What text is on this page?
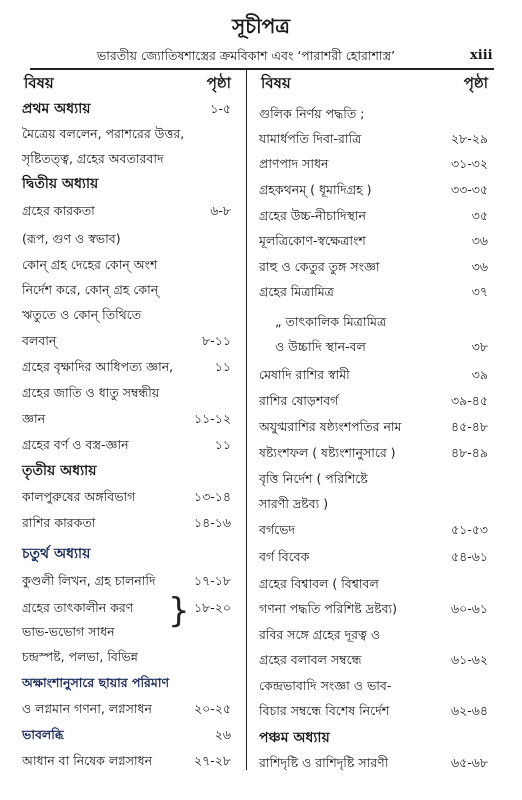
সূচীপত্র
ভারতীয় জ্যোতিষশাস্ত্রের ক্রমবিকাশ এবং ‘পারাশরী হোরাশাস্ত্র’	xiii
বিষয়	পৃষ্ঠা
প্রথম অধ্যায়	১-৫
মৈত্রেয় বললেন, পরাশরের উত্তর,
সৃষ্টিতত্ত্ব, গ্রহের অবতারবাদ
দ্বিতীয় অধ্যায়
গ্রহের কারকতা	৬-৮
(রূপ, গুণ ও স্বভাব)
কোন্ গ্রহ দেহের কোন্ অংশ
নির্দেশ করে, কোন্ গ্রহ কোন্
ঋতুতে ও কোন্ তিথিতে
বলবান্	৮-১১
গ্রহের বৃক্ষাদির আধিপত্য জ্ঞান,	১১
গ্রহের জাতি ও ধাতু সম্বন্ধীয়
জ্ঞান	১১-১২
গ্রহের বর্ণ ও বস্ত্র-জ্ঞান	১১
তৃতীয় অধ্যায়
কালপুরুষের অঙ্গবিভাগ	১৩-১৪
রাশির কারকতা	১৪-১৬
চতুর্থ অধ্যায়
কুণ্ডলী লিখন, গ্রহ চালনাদি	১৭-১৮
গ্রহের তাৎকালীন করণ	১৮-২০
ভাভ-ভভোগ সাধন
চন্দ্রস্পষ্ট, পলভা, বিভিন্ন
অক্ষাংশানুসারে ছায়ার পরিমাণ
ও লগ্নমান গণনা, লগ্নসাধন	২০-২৫
ভাবলব্ধি	২৬
আধান বা নিষেক লগ্নসাধন	২৭-২৮
}
বিষয়	পৃষ্ঠা
গুলিক নির্ণয় পদ্ধতি ;
যামার্ধপতি দিবা-রাত্রি	২৮-২৯
প্রাণপাদ সাধন	৩১-৩২
গ্রহকথনম্ ( ধূমাদিগ্রহ )	৩৩-৩৫
গ্রহের উচ্চ-নীচাদিস্থান	৩৫
মূলত্রিকোণ-স্বক্ষেত্রাংশ	৩৬
রাহু ও কেতুর তুঙ্গ সংজ্ঞা	৩৬
গ্রহের মিত্রামিত্র	৩৭
„ তাৎকালিক মিত্রামিত্র
ও উচ্চাদি স্থান-বল	৩৮
মেষাদি রাশির স্বামী	৩৯
রাশির ষোড়শবর্গ	৩৯-৪৫
অযুগ্মরাশির ষষ্ঠ্যংশপতির নাম	৪৫-৪৮
ষষ্ট্যংশফল ( ষষ্ট্যংশানুসারে )	৪৮-৪৯
বৃত্তি নির্দেশ ( পরিশিষ্টে
সারণী দ্রষ্টব্য )
বর্গভেদ	৫১-৫৩
বর্গ বিবেক	৫৪-৬১
গ্রহের বিশ্বাবল ( বিশ্বাবল
গণনা পদ্ধতি পরিশিষ্ট দ্রষ্টব্য)	৬০-৬১
রবির সঙ্গে গ্রহের দূরত্ব ও
গ্রহের বলাবল সম্বন্ধে	৬১-৬২
কেন্দ্রভাবাদি সংজ্ঞা ও ভাব-
বিচার সম্বন্ধে বিশেষ নির্দেশ	৬২-৬৪
পঞ্চম অধ্যায়
রাশিদৃষ্টি ও রাশিদৃষ্টি সারণী	৬৫-৬৮
